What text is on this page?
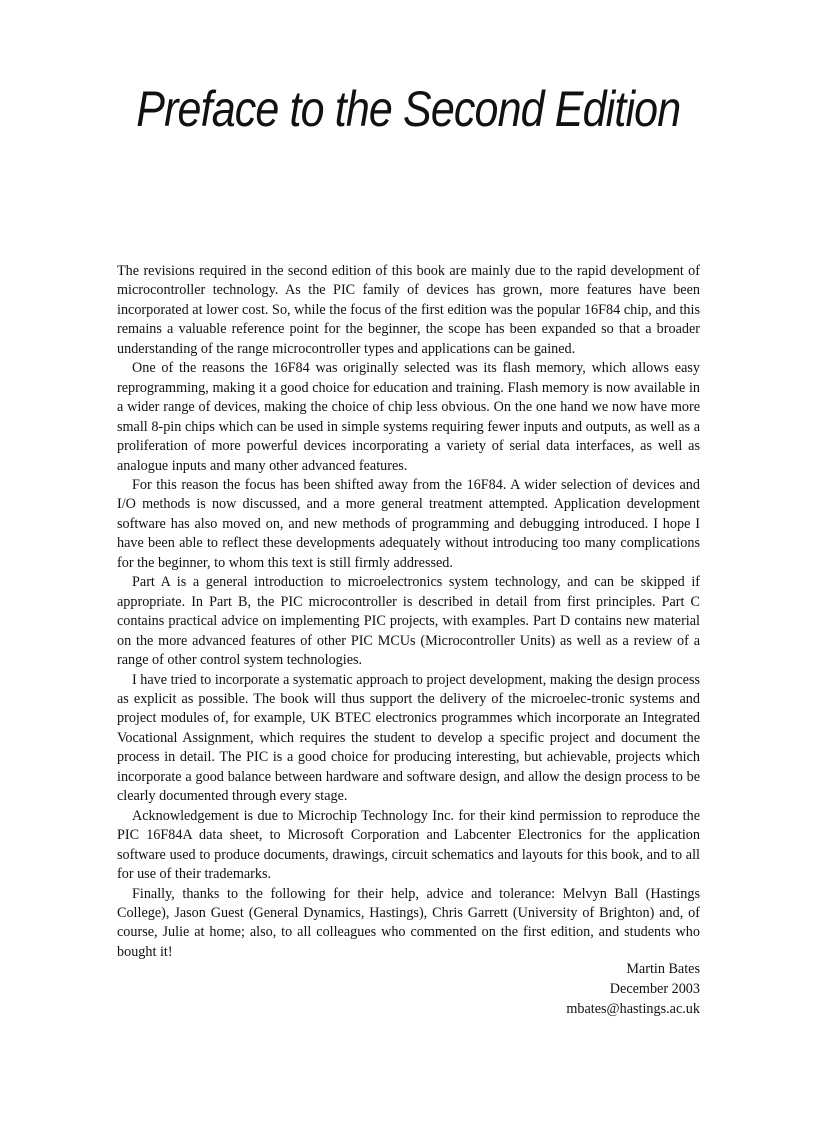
Preface to the Second Edition

The revisions required in the second edition of this book are mainly due to the rapid development of microcontroller technology. As the PIC family of devices has grown, more features have been incorporated at lower cost. So, while the focus of the first edition was the popular 16F84 chip, and this remains a valuable reference point for the beginner, the scope has been expanded so that a broader understanding of the range microcontroller types and applications can be gained.

One of the reasons the 16F84 was originally selected was its flash memory, which allows easy reprogramming, making it a good choice for education and training. Flash memory is now available in a wider range of devices, making the choice of chip less obvious. On the one hand we now have more small 8-pin chips which can be used in simple systems requiring fewer inputs and outputs, as well as a proliferation of more powerful devices incorporating a variety of serial data interfaces, as well as analogue inputs and many other advanced features.

For this reason the focus has been shifted away from the 16F84. A wider selection of devices and I/O methods is now discussed, and a more general treatment attempted. Application development software has also moved on, and new methods of programming and debugging introduced. I hope I have been able to reflect these developments adequately without introducing too many complications for the beginner, to whom this text is still firmly addressed.

Part A is a general introduction to microelectronics system technology, and can be skipped if appropriate. In Part B, the PIC microcontroller is described in detail from first principles. Part C contains practical advice on implementing PIC projects, with examples. Part D contains new material on the more advanced features of other PIC MCUs (Microcontroller Units) as well as a review of a range of other control system technologies.

I have tried to incorporate a systematic approach to project development, making the design process as explicit as possible. The book will thus support the delivery of the microelec-tronic systems and project modules of, for example, UK BTEC electronics programmes which incorporate an Integrated Vocational Assignment, which requires the student to develop a specific project and document the process in detail. The PIC is a good choice for producing interesting, but achievable, projects which incorporate a good balance between hardware and software design, and allow the design process to be clearly documented through every stage.

Acknowledgement is due to Microchip Technology Inc. for their kind permission to reproduce the PIC 16F84A data sheet, to Microsoft Corporation and Labcenter Electronics for the application software used to produce documents, drawings, circuit schematics and layouts for this book, and to all for use of their trademarks.

Finally, thanks to the following for their help, advice and tolerance: Melvyn Ball (Hastings College), Jason Guest (General Dynamics, Hastings), Chris Garrett (University of Brighton) and, of course, Julie at home; also, to all colleagues who commented on the first edition, and students who bought it!

Martin Bates
December 2003
mbates@hastings.ac.uk
